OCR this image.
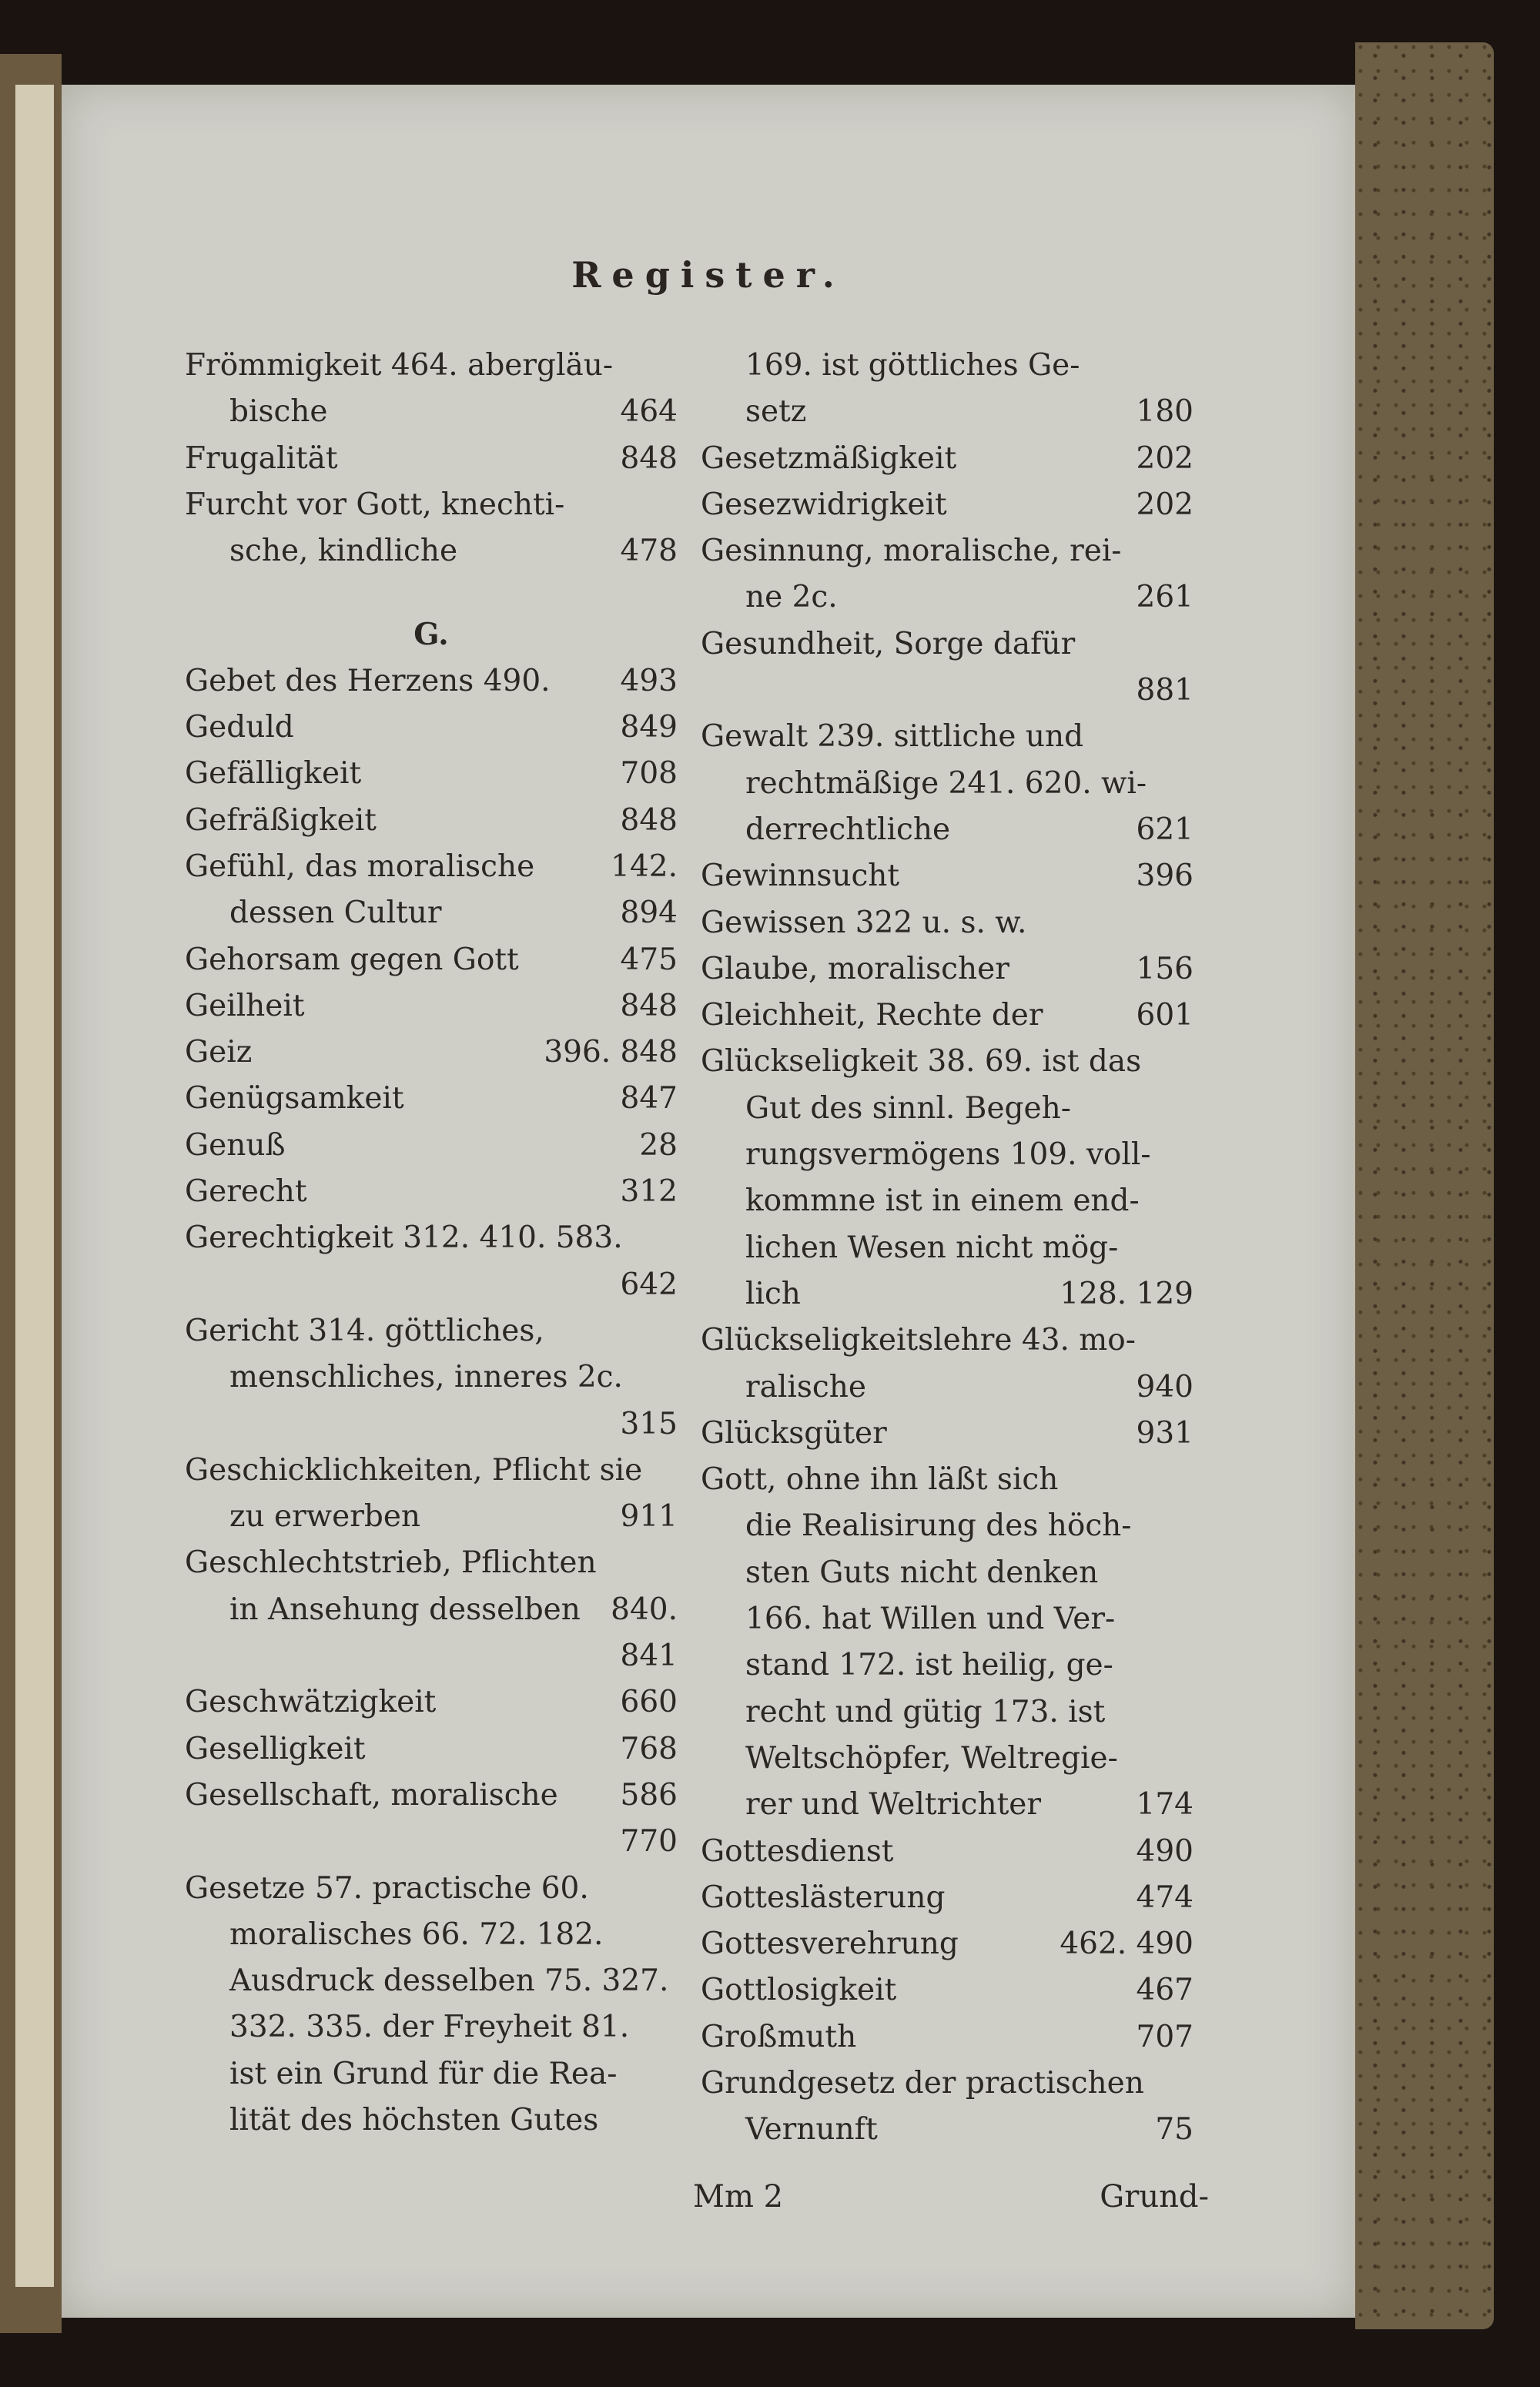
Register.
Frömmigkeit 464. abergläu-
bische	464
Frugalität	848
Furcht vor Gott, knechti-
sche, kindliche	478
G.
Gebet des Herzens 490.	493
Geduld	849
Gefälligkeit	708
Gefräßigkeit	848
Gefühl, das moralische	142.
dessen Cultur	894
Gehorsam gegen Gott	475
Geilheit	848
Geiz	396. 848
Genügsamkeit	847
Genuß	28
Gerecht	312
Gerechtigkeit 312. 410. 583.
642
Gericht 314. göttliches,
menschliches, inneres 2c.
315
Geschicklichkeiten, Pflicht sie
zu erwerben	911
Geschlechtstrieb, Pflichten
in Ansehung desselben	840.
841
Geschwätzigkeit	660
Geselligkeit	768
Gesellschaft, moralische	586
770
Gesetze 57. practische 60.
moralisches 66. 72. 182.
Ausdruck desselben 75. 327.
332. 335. der Freyheit 81.
ist ein Grund für die Rea-
lität des höchsten Gutes
169. ist göttliches Ge-
setz	180
Gesetzmäßigkeit	202
Gesezwidrigkeit	202
Gesinnung, moralische, rei-
ne 2c.	261
Gesundheit, Sorge dafür
881
Gewalt 239. sittliche und
rechtmäßige 241. 620. wi-
derrechtliche	621
Gewinnsucht	396
Gewissen 322 u. s. w.
Glaube, moralischer	156
Gleichheit, Rechte der	601
Glückseligkeit 38. 69. ist das
Gut des sinnl. Begeh-
rungsvermögens 109. voll-
kommne ist in einem end-
lichen Wesen nicht mög-
lich	128. 129
Glückseligkeitslehre 43. mo-
ralische	940
Glücksgüter	931
Gott, ohne ihn läßt sich
die Realisirung des höch-
sten Guts nicht denken
166. hat Willen und Ver-
stand 172. ist heilig, ge-
recht und gütig 173. ist
Weltschöpfer, Weltregie-
rer und Weltrichter	174
Gottesdienst	490
Gotteslästerung	474
Gottesverehrung	462. 490
Gottlosigkeit	467
Großmuth	707
Grundgesetz der practischen
Vernunft	75
Mm 2	Grund-
